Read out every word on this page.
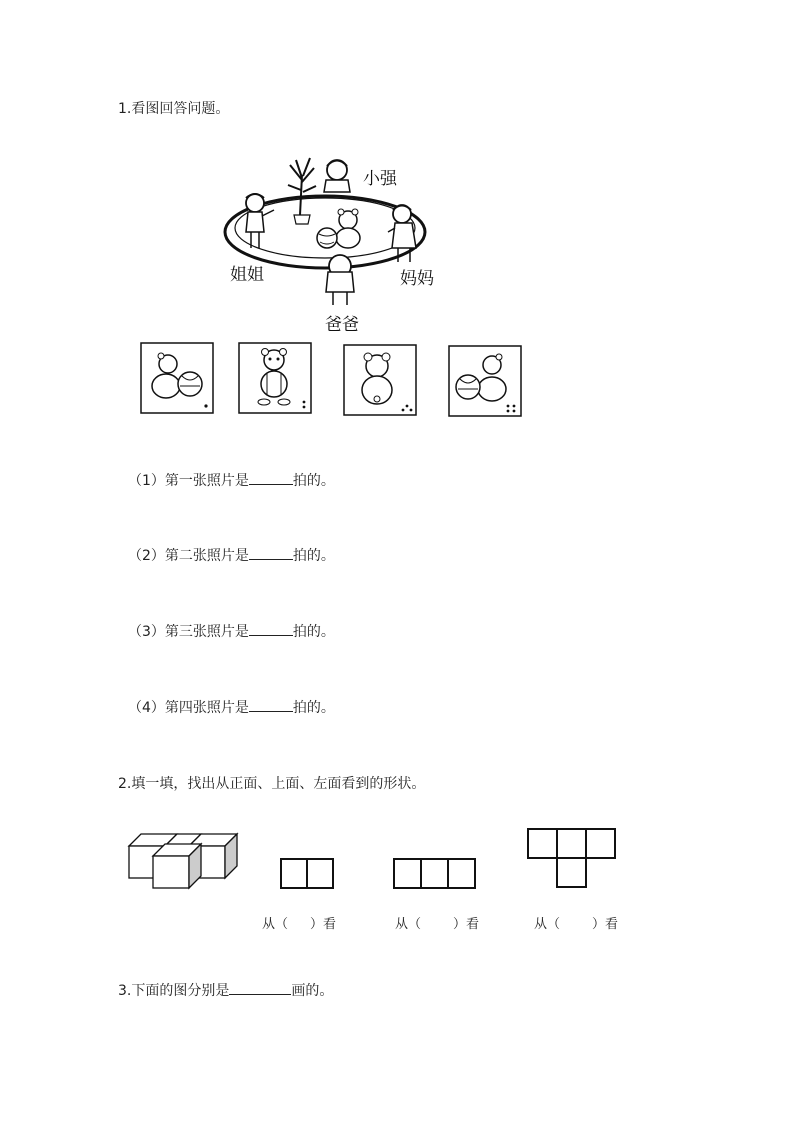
1.看图回答问题。
小强
姐姐	妈妈
爸爸
（1）第一张照片是	拍的。
（2）第二张照片是	拍的。
（3）第三张照片是	拍的。
（4）第四张照片是	拍的。
2.填一填，找出从正面、上面、左面看到的形状。
从（ ）看	从（ ）看	从（ ）看
3.下面的图分别是	画的。
